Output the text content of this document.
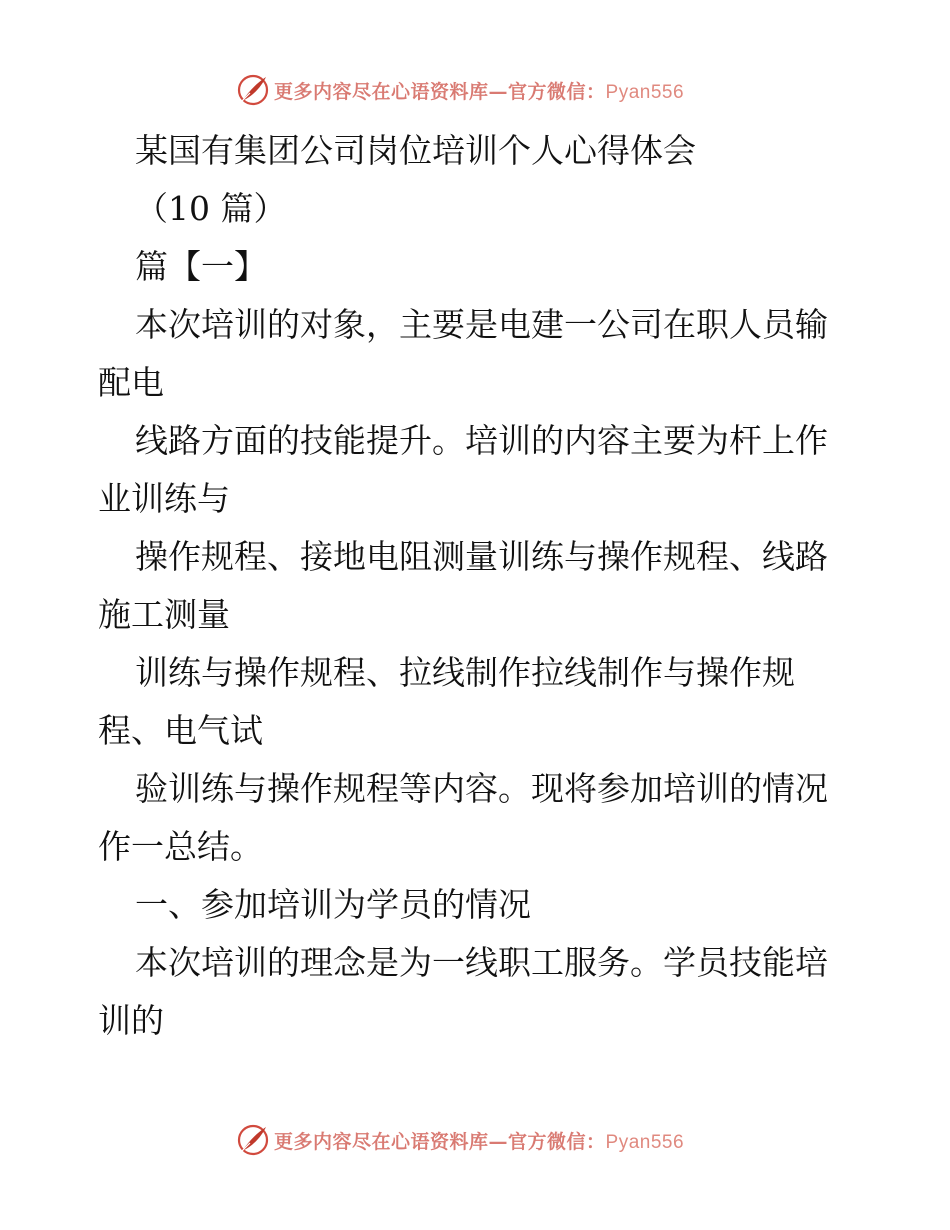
更多内容尽在心语资料库—官方微信：Pyan556
某国有集团公司岗位培训个人心得体会
（10 篇）
篇【一】
本次培训的对象，主要是电建一公司在职人员输
配电
线路方面的技能提升。培训的内容主要为杆上作
业训练与
操作规程、接地电阻测量训练与操作规程、线路
施工测量
训练与操作规程、拉线制作拉线制作与操作规
程、电气试
验训练与操作规程等内容。现将参加培训的情况
作一总结。
一、参加培训为学员的情况
本次培训的理念是为一线职工服务。学员技能培
训的
更多内容尽在心语资料库—官方微信：Pyan556
